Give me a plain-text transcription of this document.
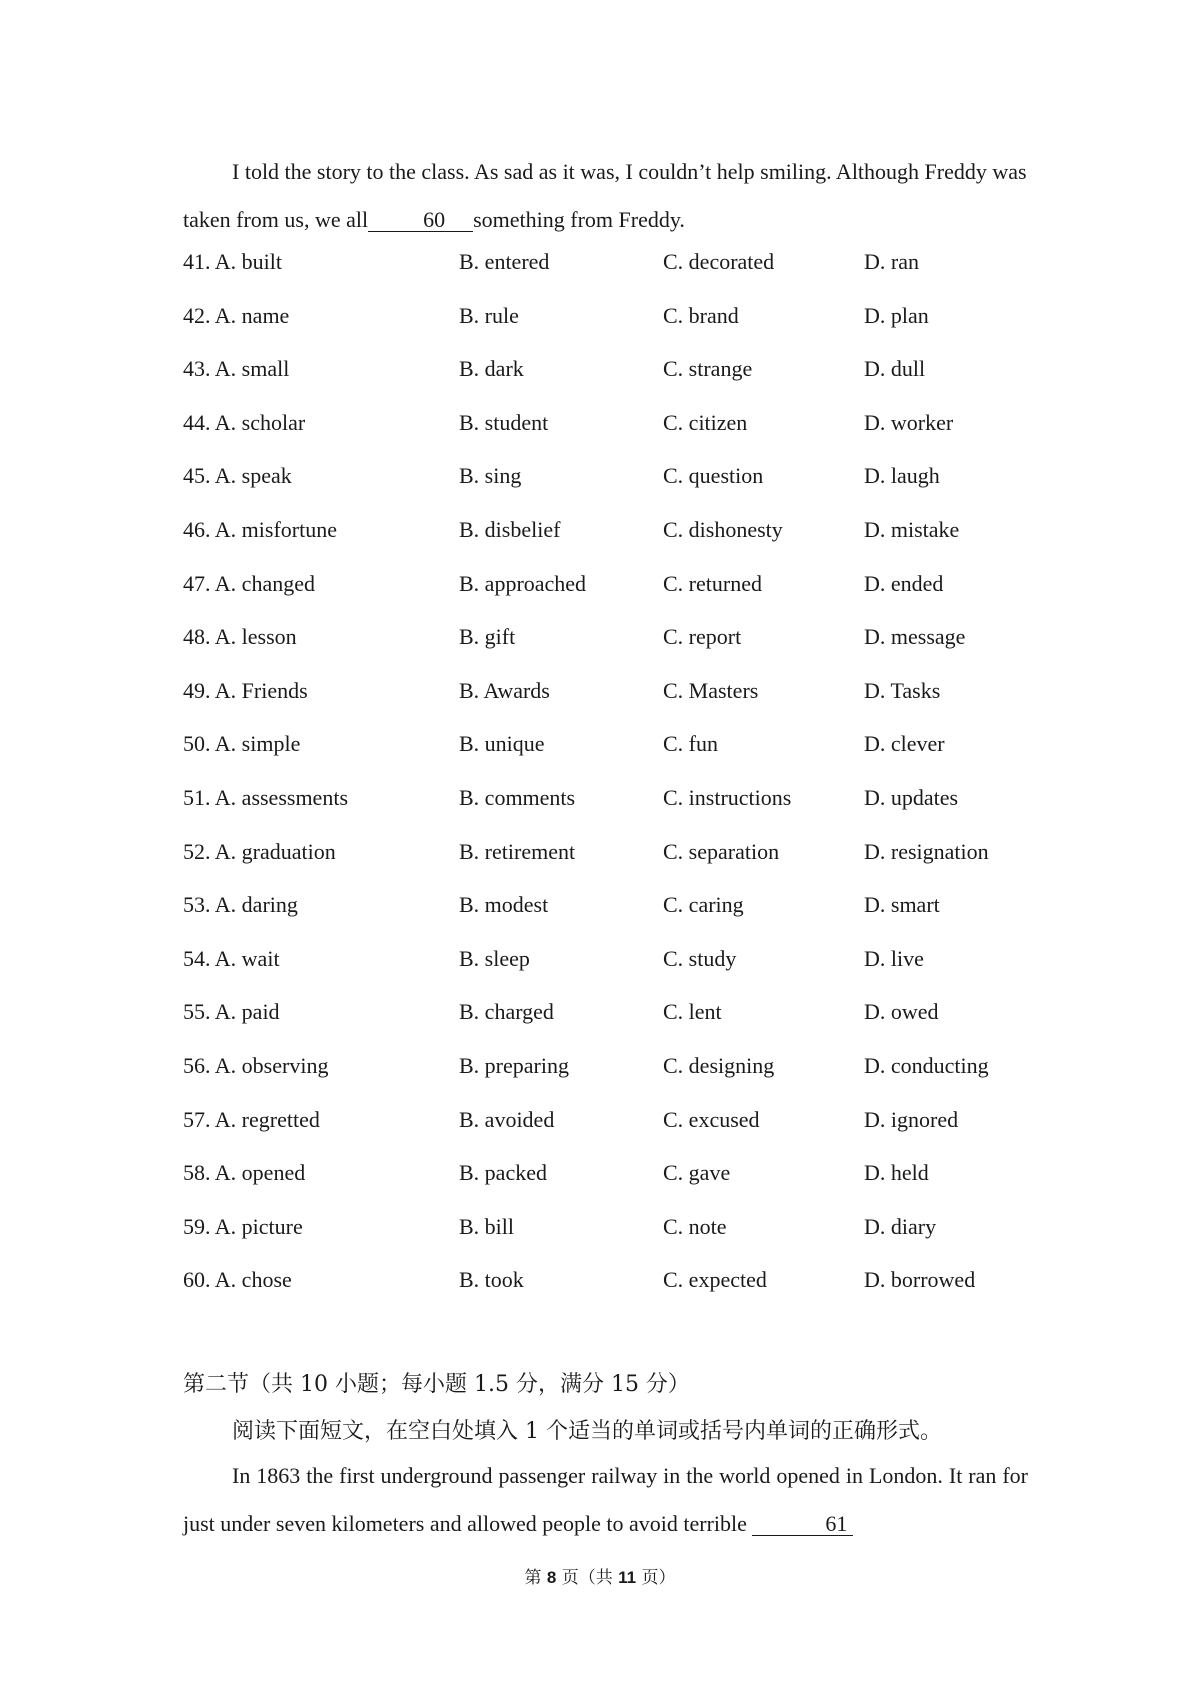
I told the story to the class. As sad as it was, I couldn’t help smiling. Although Freddy was taken from us, we all	60 something from Freddy.
41. A. built	B. entered	C. decorated	D. ran
42. A. name	B. rule	C. brand	D. plan
43. A. small	B. dark	C. strange	D. dull
44. A. scholar	B. student	C. citizen	D. worker
45. A. speak	B. sing	C. question	D. laugh
46. A. misfortune	B. disbelief	C. dishonesty	D. mistake
47. A. changed	B. approached	C. returned	D. ended
48. A. lesson	B. gift	C. report	D. message
49. A. Friends	B. Awards	C. Masters	D. Tasks
50. A. simple	B. unique	C. fun	D. clever
51. A. assessments	B. comments	C. instructions	D. updates
52. A. graduation	B. retirement	C. separation	D. resignation
53. A. daring	B. modest	C. caring	D. smart
54. A. wait	B. sleep	C. study	D. live
55. A. paid	B. charged	C. lent	D. owed
56. A. observing	B. preparing	C. designing	D. conducting
57. A. regretted	B. avoided	C. excused	D. ignored
58. A. opened	B. packed	C. gave	D. held
59. A. picture	B. bill	C. note	D. diary
60. A. chose	B. took	C. expected	D. borrowed
第二节（共 10 小题；每小题 1.5 分，满分 15 分）
阅读下面短文，在空白处填入 1 个适当的单词或括号内单词的正确形式。
In 1863 the first underground passenger railway in the world opened in London. It ran for just under seven kilometers and allowed people to avoid terrible	61
第 8 页（共 11 页）
